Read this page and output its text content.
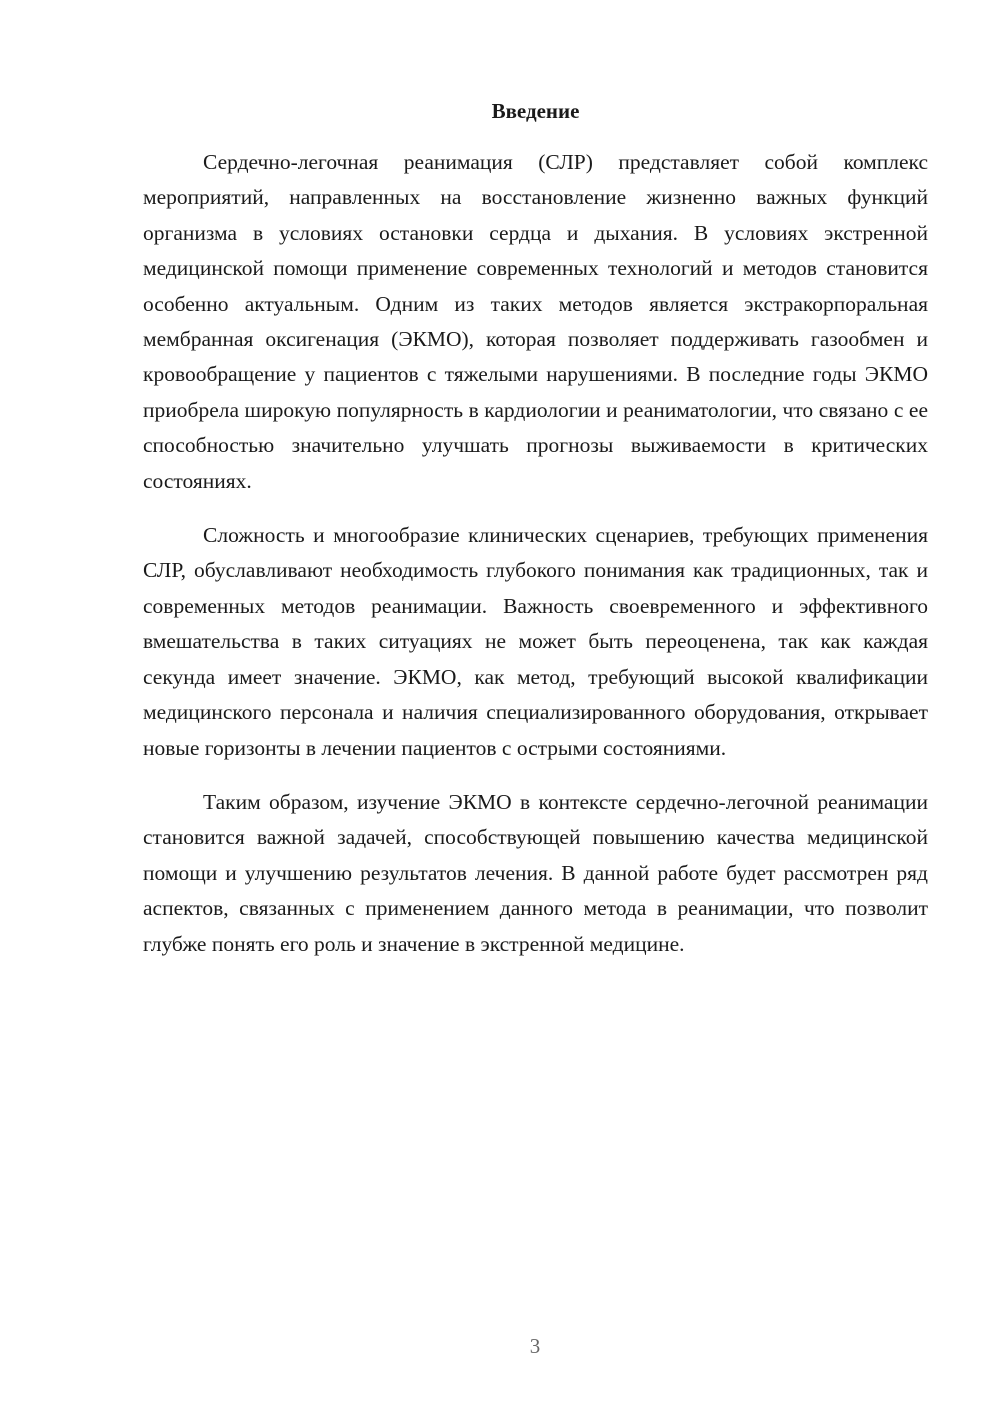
Введение

Сердечно-легочная реанимация (СЛР) представляет собой комплекс мероприятий, направленных на восстановление жизненно важных функций организма в условиях остановки сердца и дыхания. В условиях экстренной медицинской помощи применение современных технологий и методов становится особенно актуальным. Одним из таких методов является экстракорпоральная мембранная оксигенация (ЭКМО), которая позволяет поддерживать газообмен и кровообращение у пациентов с тяжелыми нарушениями. В последние годы ЭКМО приобрела широкую популярность в кардиологии и реаниматологии, что связано с ее способностью значительно улучшать прогнозы выживаемости в критических состояниях.

Сложность и многообразие клинических сценариев, требующих применения СЛР, обуславливают необходимость глубокого понимания как традиционных, так и современных методов реанимации. Важность своевременного и эффективного вмешательства в таких ситуациях не может быть переоценена, так как каждая секунда имеет значение. ЭКМО, как метод, требующий высокой квалификации медицинского персонала и наличия специализированного оборудования, открывает новые горизонты в лечении пациентов с острыми состояниями.

Таким образом, изучение ЭКМО в контексте сердечно-легочной реанимации становится важной задачей, способствующей повышению качества медицинской помощи и улучшению результатов лечения. В данной работе будет рассмотрен ряд аспектов, связанных с применением данного метода в реанимации, что позволит глубже понять его роль и значение в экстренной медицине.

3
